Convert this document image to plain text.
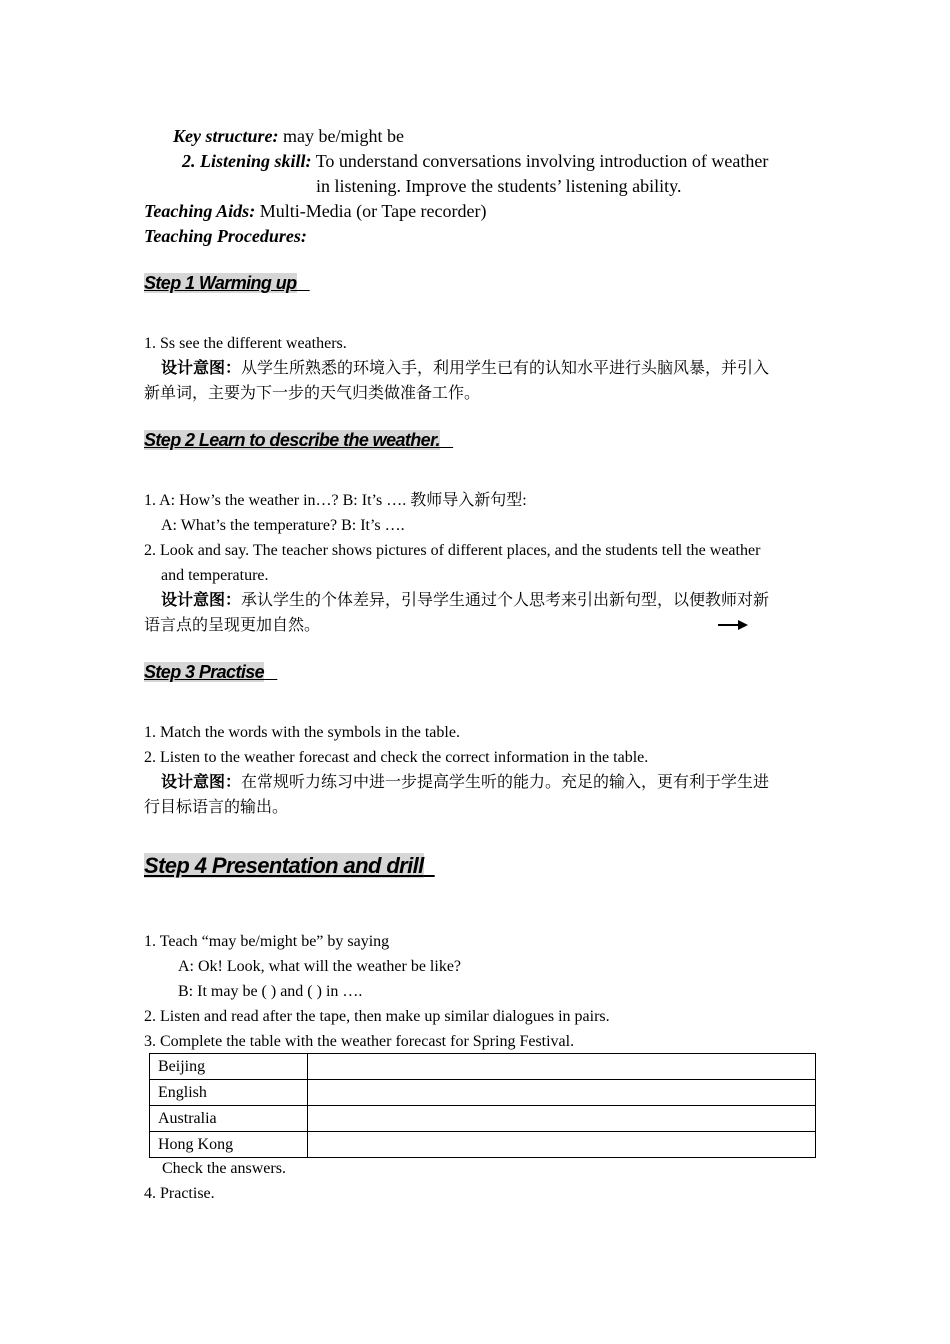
Key structure: may be/might be
2. Listening skill: To understand conversations involving introduction of weather
in listening. Improve the students’ listening ability.
Teaching Aids: Multi-Media (or Tape recorder)
Teaching Procedures:
Step 1 Warming up
1. Ss see the different weathers.
设计意图：从学生所熟悉的环境入手，利用学生已有的认知水平进行头脑风暴，并引入
新单词，主要为下一步的天气归类做准备工作。
Step 2 Learn to describe the weather.
1. A: How’s the weather in…? B: It’s …. 教师导入新句型:
A: What’s the temperature? B: It’s ….
2. Look and say. The teacher shows pictures of different places, and the students tell the weather
and temperature.
设计意图：承认学生的个体差异，引导学生通过个人思考来引出新句型，以便教师对新
语言点的呈现更加自然。
Step 3 Practise
1. Match the words with the symbols in the table.
2. Listen to the weather forecast and check the correct information in the table.
设计意图：在常规听力练习中进一步提高学生听的能力。充足的输入，更有利于学生进
行目标语言的输出。
Step 4 Presentation and drill
1. Teach “may be/might be” by saying
A: Ok! Look, what will the weather be like?
B: It may be ( ) and ( ) in ….
2. Listen and read after the tape, then make up similar dialogues in pairs.
3. Complete the table with the weather forecast for Spring Festival.
Beijing	
English	
Australia	
Hong Kong	
Check the answers.
4. Practise.
